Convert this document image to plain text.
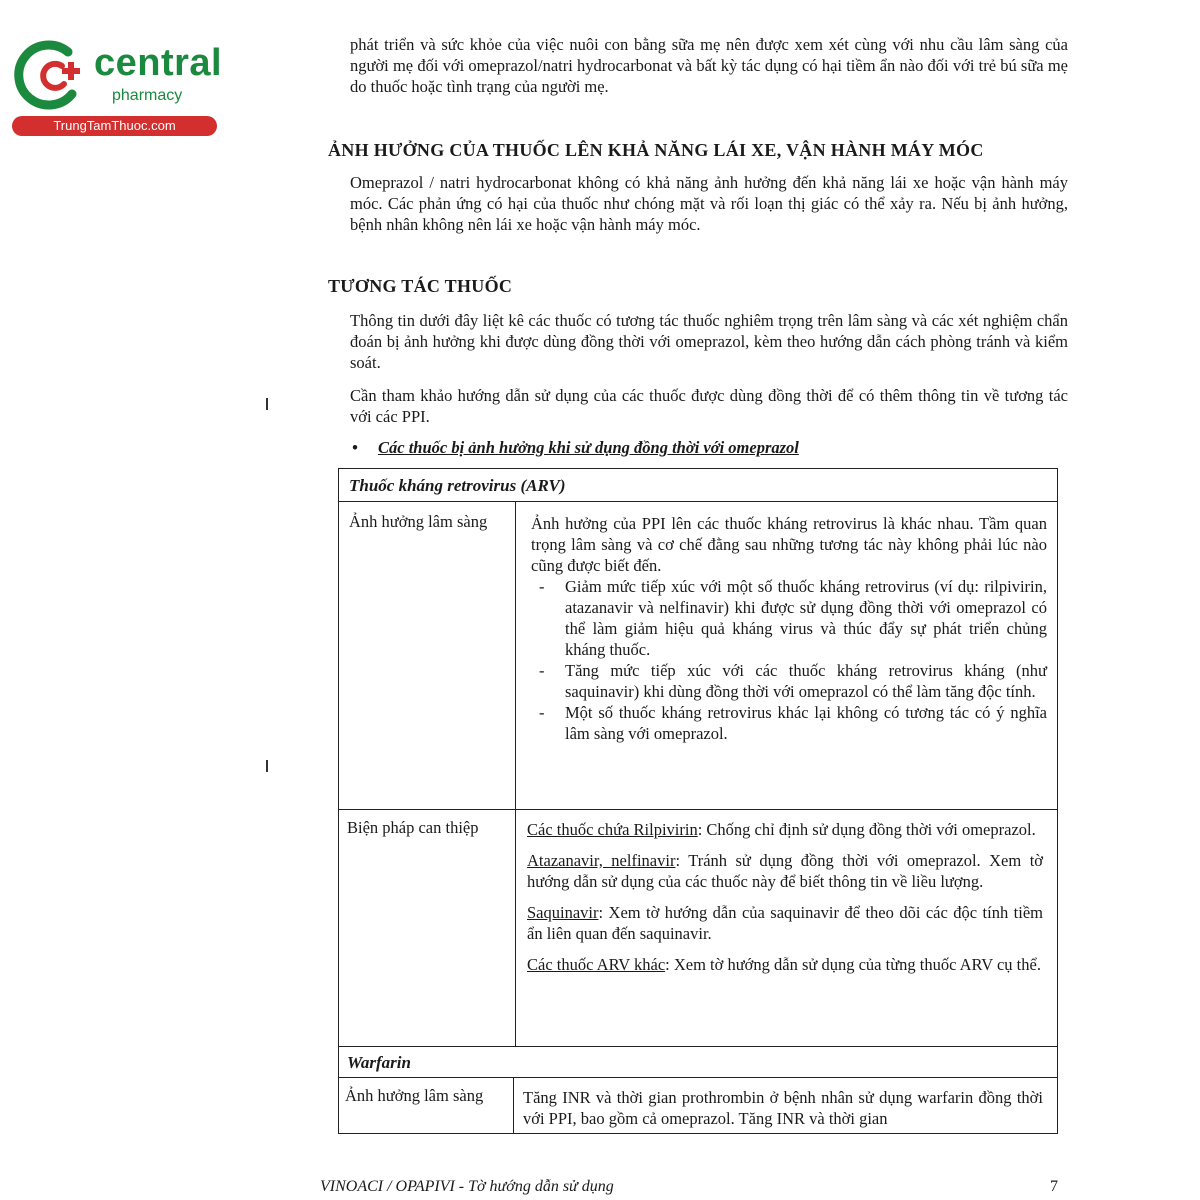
central
pharmacy
TrungTamThuoc.com
phát triển và sức khỏe của việc nuôi con bằng sữa mẹ nên được xem xét cùng với nhu cầu lâm sàng của người mẹ đối với omeprazol/natri hydrocarbonat và bất kỳ tác dụng có hại tiềm ẩn nào đối với trẻ bú sữa mẹ do thuốc hoặc tình trạng của người mẹ.
ẢNH HƯỞNG CỦA THUỐC LÊN KHẢ NĂNG LÁI XE, VẬN HÀNH MÁY MÓC
Omeprazol / natri hydrocarbonat không có khả năng ảnh hưởng đến khả năng lái xe hoặc vận hành máy móc. Các phản ứng có hại của thuốc như chóng mặt và rối loạn thị giác có thể xảy ra. Nếu bị ảnh hưởng, bệnh nhân không nên lái xe hoặc vận hành máy móc.
TƯƠNG TÁC THUỐC
Thông tin dưới đây liệt kê các thuốc có tương tác thuốc nghiêm trọng trên lâm sàng và các xét nghiệm chẩn đoán bị ảnh hưởng khi được dùng đồng thời với omeprazol, kèm theo hướng dẫn cách phòng tránh và kiểm soát.
Cần tham khảo hướng dẫn sử dụng của các thuốc được dùng đồng thời để có thêm thông tin về tương tác với các PPI.
• Các thuốc bị ảnh hưởng khi sử dụng đồng thời với omeprazol
Thuốc kháng retrovirus (ARV)
Ảnh hưởng lâm sàng	Ảnh hưởng của PPI lên các thuốc kháng retrovirus là khác nhau. Tầm quan trọng lâm sàng và cơ chế đằng sau những tương tác này không phải lúc nào cũng được biết đến.
- Giảm mức tiếp xúc với một số thuốc kháng retrovirus (ví dụ: rilpivirin, atazanavir và nelfinavir) khi được sử dụng đồng thời với omeprazol có thể làm giảm hiệu quả kháng virus và thúc đẩy sự phát triển chủng kháng thuốc.
- Tăng mức tiếp xúc với các thuốc kháng retrovirus kháng (như saquinavir) khi dùng đồng thời với omeprazol có thể làm tăng độc tính.
- Một số thuốc kháng retrovirus khác lại không có tương tác có ý nghĩa lâm sàng với omeprazol.
Biện pháp can thiệp	Các thuốc chứa Rilpivirin: Chống chỉ định sử dụng đồng thời với omeprazol.
Atazanavir, nelfinavir: Tránh sử dụng đồng thời với omeprazol. Xem tờ hướng dẫn sử dụng của các thuốc này để biết thông tin về liều lượng.
Saquinavir: Xem tờ hướng dẫn của saquinavir để theo dõi các độc tính tiềm ẩn liên quan đến saquinavir.
Các thuốc ARV khác: Xem tờ hướng dẫn sử dụng của từng thuốc ARV cụ thể.
Warfarin
Ảnh hưởng lâm sàng	Tăng INR và thời gian prothrombin ở bệnh nhân sử dụng warfarin đồng thời với PPI, bao gồm cả omeprazol. Tăng INR và thời gian
VINOACI / OPAPIVI - Tờ hướng dẫn sử dụng	7
